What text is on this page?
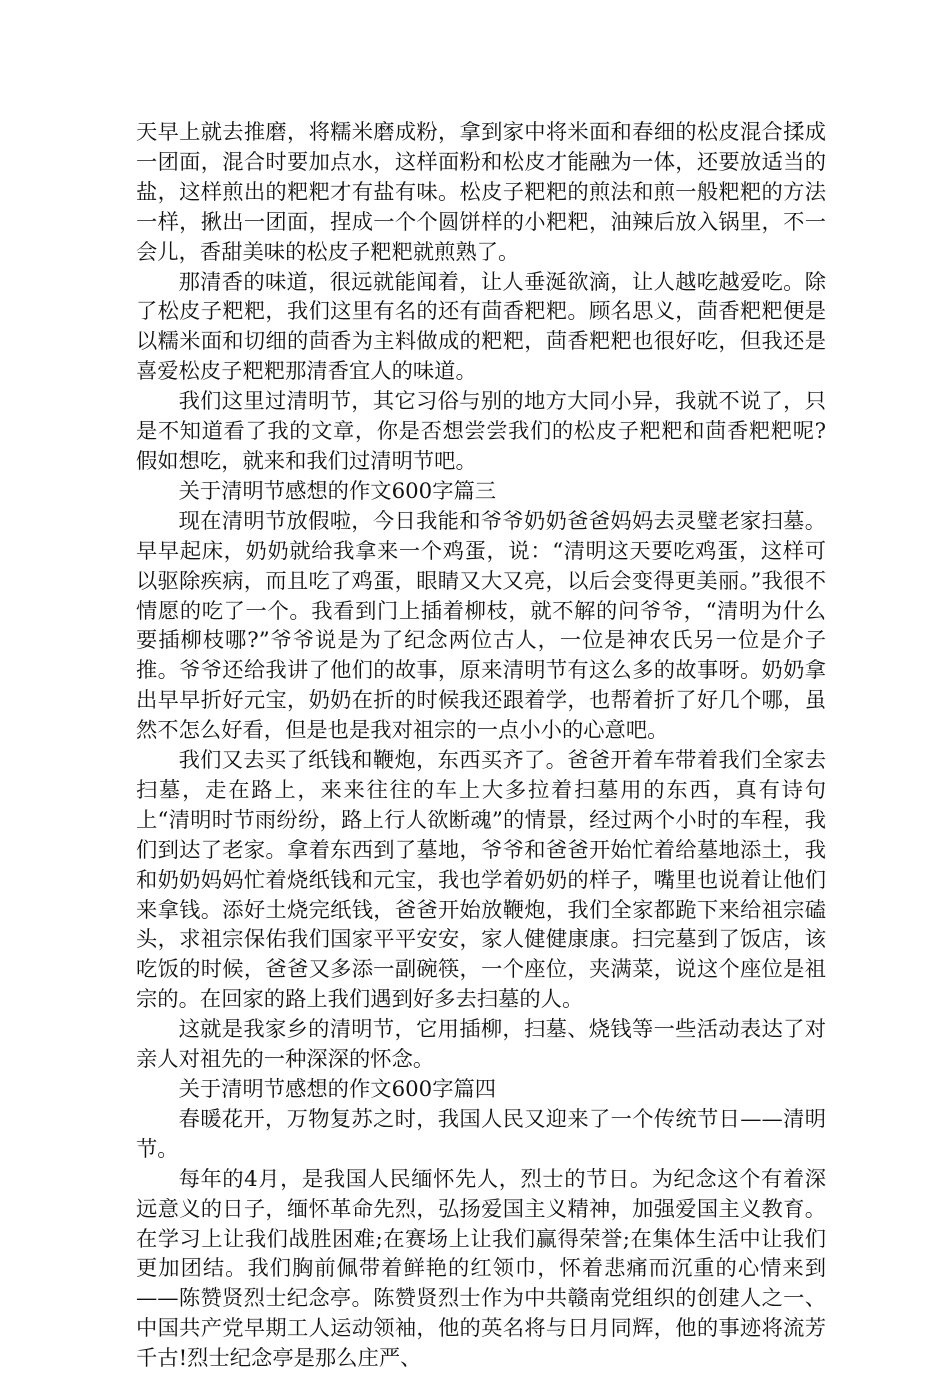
天早上就去推磨，将糯米磨成粉，拿到家中将米面和春细的松皮混合揉成一团面，混合时要加点水，这样面粉和松皮才能融为一体，还要放适当的盐，这样煎出的粑粑才有盐有味。松皮子粑粑的煎法和煎一般粑粑的方法一样，揪出一团面，捏成一个个圆饼样的小粑粑，油辣后放入锅里，不一会儿，香甜美味的松皮子粑粑就煎熟了。

那清香的味道，很远就能闻着，让人垂涎欲滴，让人越吃越爱吃。除了松皮子粑粑，我们这里有名的还有茴香粑粑。顾名思义，茴香粑粑便是以糯米面和切细的茴香为主料做成的粑粑，茴香粑粑也很好吃，但我还是喜爱松皮子粑粑那清香宜人的味道。

我们这里过清明节，其它习俗与别的地方大同小异，我就不说了，只是不知道看了我的文章，你是否想尝尝我们的松皮子粑粑和茴香粑粑呢?假如想吃，就来和我们过清明节吧。

关于清明节感想的作文600字篇三

现在清明节放假啦，今日我能和爷爷奶奶爸爸妈妈去灵璧老家扫墓。早早起床，奶奶就给我拿来一个鸡蛋，说：“清明这天要吃鸡蛋，这样可以驱除疾病，而且吃了鸡蛋，眼睛又大又亮，以后会变得更美丽。”我很不情愿的吃了一个。我看到门上插着柳枝，就不解的问爷爷，“清明为什么要插柳枝哪?”爷爷说是为了纪念两位古人，一位是神农氏另一位是介子推。爷爷还给我讲了他们的故事，原来清明节有这么多的故事呀。奶奶拿出早早折好元宝，奶奶在折的时候我还跟着学，也帮着折了好几个哪，虽然不怎么好看，但是也是我对祖宗的一点小小的心意吧。

我们又去买了纸钱和鞭炮，东西买齐了。爸爸开着车带着我们全家去扫墓，走在路上，来来往往的车上大多拉着扫墓用的东西，真有诗句上“清明时节雨纷纷，路上行人欲断魂”的情景，经过两个小时的车程，我们到达了老家。拿着东西到了墓地，爷爷和爸爸开始忙着给墓地添土，我和奶奶妈妈忙着烧纸钱和元宝，我也学着奶奶的样子，嘴里也说着让他们来拿钱。添好土烧完纸钱，爸爸开始放鞭炮，我们全家都跪下来给祖宗磕头，求祖宗保佑我们国家平平安安，家人健健康康。扫完墓到了饭店，该吃饭的时候，爸爸又多添一副碗筷，一个座位，夹满菜，说这个座位是祖宗的。在回家的路上我们遇到好多去扫墓的人。

这就是我家乡的清明节，它用插柳，扫墓、烧钱等一些活动表达了对亲人对祖先的一种深深的怀念。

关于清明节感想的作文600字篇四

春暖花开，万物复苏之时，我国人民又迎来了一个传统节日——清明节。

每年的4月，是我国人民缅怀先人，烈士的节日。为纪念这个有着深远意义的日子，缅怀革命先烈，弘扬爱国主义精神，加强爱国主义教育。在学习上让我们战胜困难;在赛场上让我们赢得荣誉;在集体生活中让我们更加团结。我们胸前佩带着鲜艳的红领巾，怀着悲痛而沉重的心情来到——陈赞贤烈士纪念亭。陈赞贤烈士作为中共赣南党组织的创建人之一、中国共产党早期工人运动领袖，他的英名将与日月同辉，他的事迹将流芳千古!烈士纪念亭是那么庄严、
